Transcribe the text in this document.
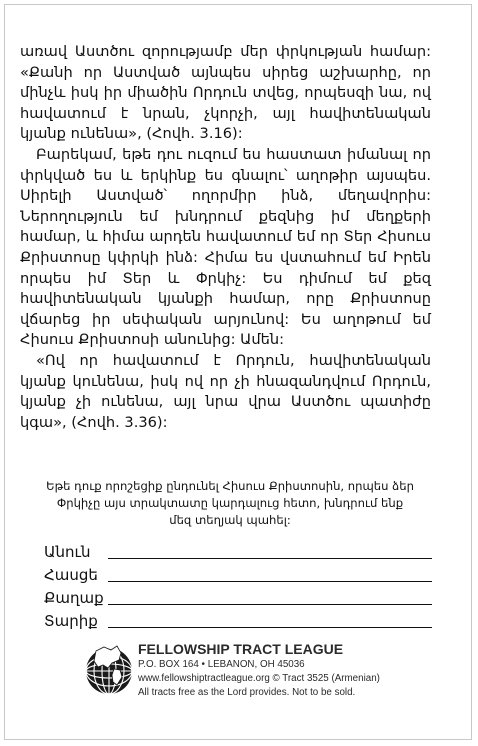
առավ Աստծու զորությամբ մեր փրկության համար: «Քանի որ Աստված այնպես սիրեց աշխարհը, որ մինչև իսկ իր միածին Որդուն տվեց, որպեսզի նա, ով հավատում է նրան, չկորչի, այլ հավիտենական կյանք ունենա», (Հովհ. 3.16):

Բարեկամ, եթե դու ուզում ես հաստատ իմանալ որ փրկված ես և երկինք ես գնալու՝ աղոթիր այսպես. Սիրելի Աստված՝ ողորմիր ինձ, մեղավորիս: Ներողություն եմ խնդրում քեզնից իմ մեղքերի համար, և հիմա արդեն հավատում եմ որ Տեր Հիսուս Քրիստոսը կփրկի ինձ: Հիմա ես վստահում եմ Իրեն որպես իմ Տեր և Փրկիչ: Ես դիմում եմ քեզ հավիտենական կյանքի համար, որը Քրիստոսը վճարեց իր սեփական արյունով: Ես աղոթում եմ Հիսուս Քրիստոսի անունից: Ամեն:

«Ով որ հավատում է Որդուն, հավիտենական կյանք կունենա, իսկ ով որ չի հնազանդվում Որդուն, կյանք չի ունենա, այլ նրա վրա Աստծու պատիժը կգա», (Հովհ. 3.36):

Եթե դուք որոշեցիք ընդունել Հիսուս Քրիստոսին, որպես ձեր Փրկիչը այս տրակտատը կարդալուց հետո, խնդրում ենք մեզ տեղյակ պահել:
Անուն
Հասցե
Քաղաք
Տարիք
FELLOWSHIP TRACT LEAGUE
P.O. BOX 164 • LEBANON, OH 45036
www.fellowshiptractleague.org © Tract 3525 (Armenian)
All tracts free as the Lord provides. Not to be sold.
